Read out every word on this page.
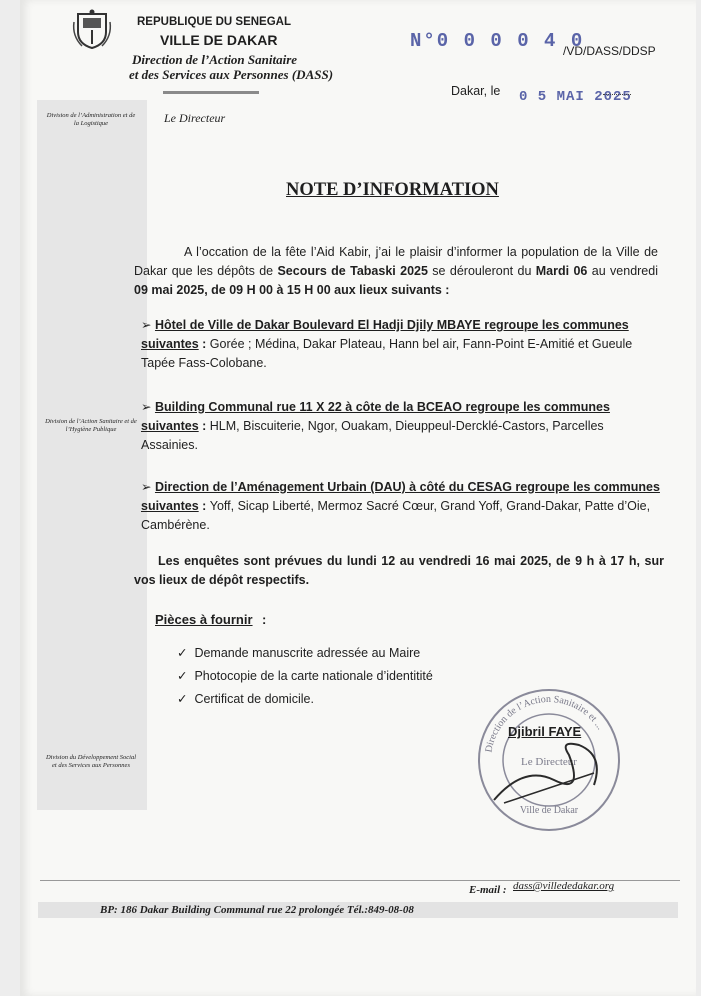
REPUBLIQUE DU SENEGAL
VILLE DE DAKAR
Direction de l’Action Sanitaire
et des Services aux Personnes (DASS)
N°0 0 0 0 4 0
/VD/DASS/DDSP
Dakar, le 0 5 MAI 2025
Division de l’Administration et de la Logistique
Division de l’Action Sanitaire et de l’Hygiène Publique
Division du Développement Social et des Services aux Personnes
Le Directeur
NOTE D’INFORMATION
A l’occation de la fête l’Aid Kabir, j’ai le plaisir d’informer la population de la Ville de Dakar que les dépôts de Secours de Tabaski 2025 se dérouleront du Mardi 06 au vendredi 09 mai 2025, de 09 H 00 à 15 H 00 aux lieux suivants :
➢ Hôtel de Ville de Dakar Boulevard El Hadji Djily MBAYE regroupe les communes suivantes : Gorée ; Médina, Dakar Plateau, Hann bel air, Fann-Point E-Amitié et Gueule Tapée Fass-Colobane.
➢ Building Communal rue 11 X 22 à côte de la BCEAO regroupe les communes suivantes : HLM, Biscuiterie, Ngor, Ouakam, Dieuppeul-Dercklé-Castors, Parcelles Assainies.
➢ Direction de l’Aménagement Urbain (DAU) à côté du CESAG regroupe les communes suivantes : Yoff, Sicap Liberté, Mermoz Sacré Cœur, Grand Yoff, Grand-Dakar, Patte d’Oie, Cambérène.
Les enquêtes sont prévues du lundi 12 au vendredi 16 mai 2025, de 9 h à 17 h, sur vos lieux de dépôt respectifs.
Pièces à fournir :
✓ Demande manuscrite adressée au Maire
✓ Photocopie de la carte nationale d’identitité
✓ Certificat de domicile.
Direction de l’Action Sanitaire et ...
Ville de Dakar
Le Directeur
Djibril FAYE
E-mail : dass@villededakar.org
BP: 186 Dakar Building Communal rue 22 prolongée Tél.:849-08-08
